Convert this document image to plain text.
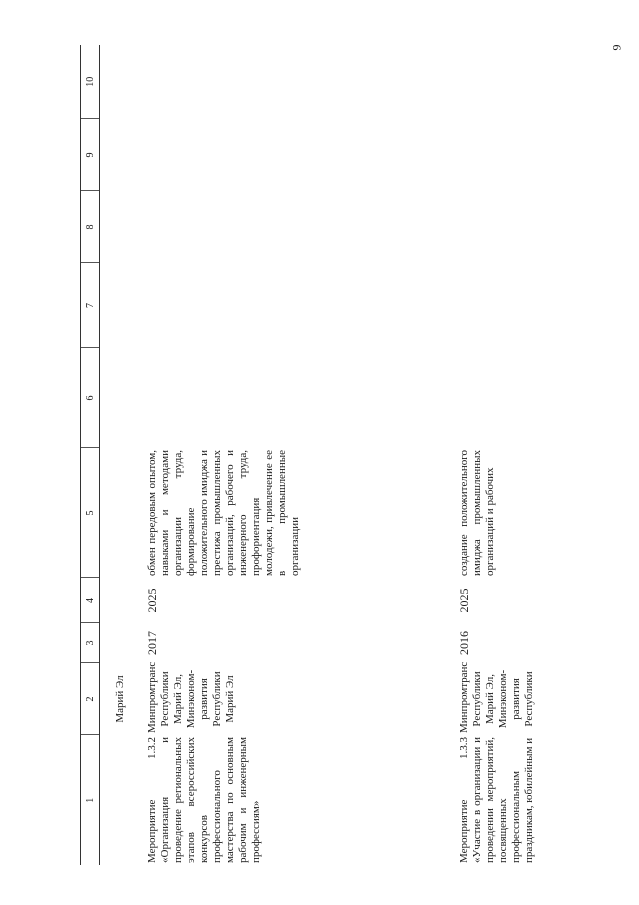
9
1	2	3	4	5	6	7	8	9	10
	Марий Эл								
Мероприятие 1.3.2 «Организация и проведение региональных этапов всероссийских конкурсов профессионального мастерства по основным рабочим и инженерным профессиям»	Минпромтранс Республики Марий Эл, Минэконом-развития Республики Марий Эл	2017	2025	обмен передовым опытом, навыками и методами организации труда, формирование положительного имиджа и престижа промышленных организаций, рабочего и инженерного труда, профориентация молодежи, привлечение ее в промышленные организации					
Мероприятие 1.3.3 «Участие в организации и проведении мероприятий, посвященных профессиональным праздникам, юбилейным и	Минпромтранс Республики Марий Эл, Минэконом-развития Республики	2016	2025	создание положительного имиджа промышленных организаций и рабочих					
